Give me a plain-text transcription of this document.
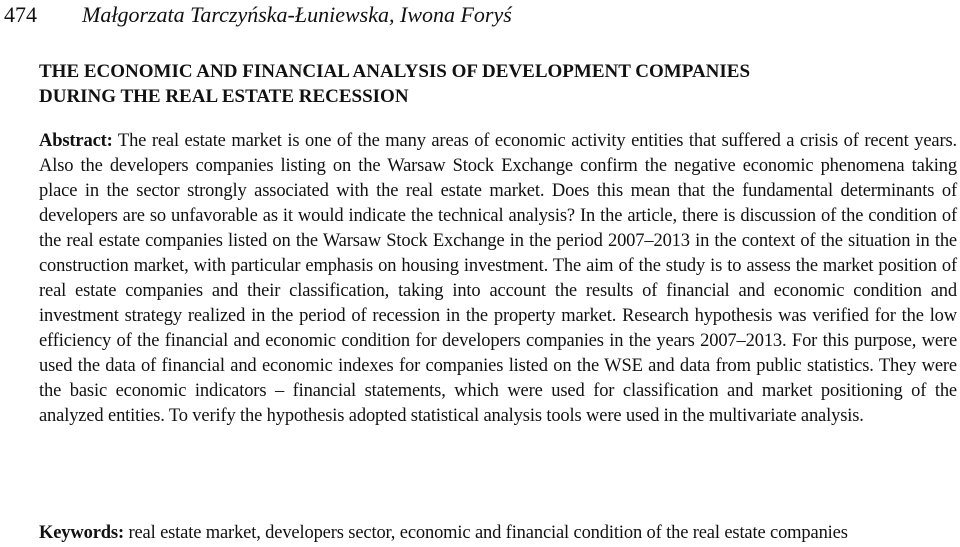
474 Małgorzata Tarczyńska-Łuniewska, Iwona Foryś
THE ECONOMIC AND FINANCIAL ANALYSIS OF DEVELOPMENT COMPANIES
DURING THE REAL ESTATE RECESSION

Abstract: The real estate market is one of the many areas of economic activity entities that suffered a crisis of recent years. Also the developers companies listing on the Warsaw Stock Exchange confirm the negative economic phenomena taking place in the sector strongly associated with the real estate market. Does this mean that the fundamental determinants of developers are so unfavorable as it would indicate the technical analysis? In the article, there is discussion of the condition of the real estate companies listed on the Warsaw Stock Exchange in the period 2007–2013 in the context of the situation in the construction market, with particular emphasis on housing investment. The aim of the study is to assess the market position of real estate companies and their classification, taking into account the results of financial and economic condition and investment strategy realized in the period of recession in the property market. Research hypothesis was verified for the low efficiency of the financial and economic condition for developers companies in the years 2007–2013. For this purpose, were used the data of financial and economic indexes for companies listed on the WSE and data from public statistics. They were the basic economic indicators – financial statements, which were used for classification and market positioning of the analyzed entities. To verify the hypothesis adopted statistical analysis tools were used in the multivariate analysis.

Keywords: real estate market, developers sector, economic and financial condition of the real estate companies
